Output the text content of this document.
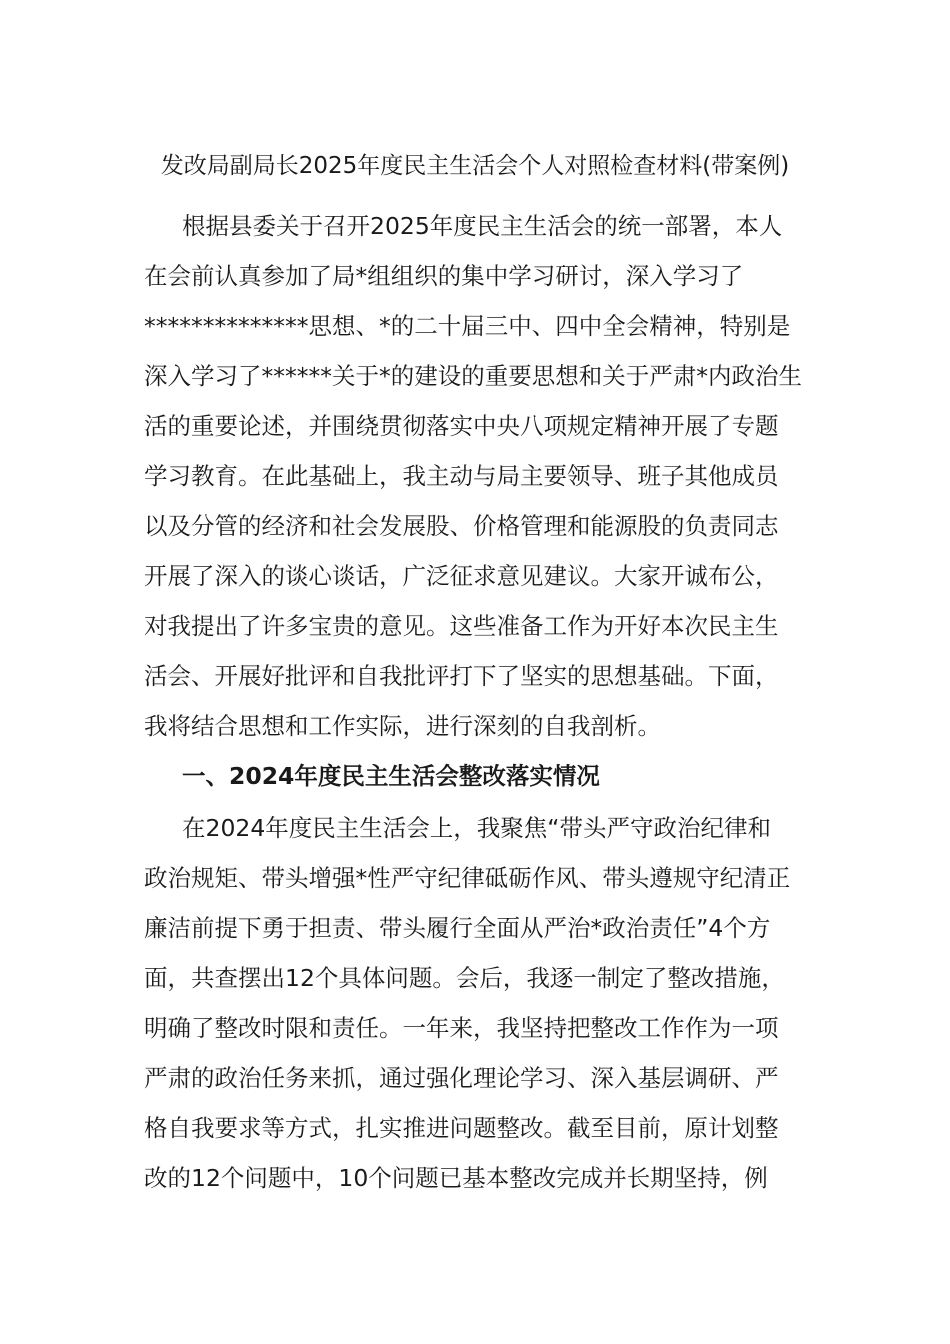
发改局副局长2025年度民主生活会个人对照检查材料(带案例)
根据县委关于召开2025年度民主生活会的统一部署，本人
在会前认真参加了局*组组织的集中学习研讨，深入学习了
**************思想、*的二十届三中、四中全会精神，特别是
深入学习了******关于*的建设的重要思想和关于严肃*内政治生
活的重要论述，并围绕贯彻落实中央八项规定精神开展了专题
学习教育。在此基础上，我主动与局主要领导、班子其他成员
以及分管的经济和社会发展股、价格管理和能源股的负责同志
开展了深入的谈心谈话，广泛征求意见建议。大家开诚布公，
对我提出了许多宝贵的意见。这些准备工作为开好本次民主生
活会、开展好批评和自我批评打下了坚实的思想基础。下面，
我将结合思想和工作实际，进行深刻的自我剖析。
一、2024年度民主生活会整改落实情况
在2024年度民主生活会上，我聚焦“带头严守政治纪律和
政治规矩、带头增强*性严守纪律砥砺作风、带头遵规守纪清正
廉洁前提下勇于担责、带头履行全面从严治*政治责任”4个方
面，共查摆出12个具体问题。会后，我逐一制定了整改措施，
明确了整改时限和责任。一年来，我坚持把整改工作作为一项
严肃的政治任务来抓，通过强化理论学习、深入基层调研、严
格自我要求等方式，扎实推进问题整改。截至目前，原计划整
改的12个问题中，10个问题已基本整改完成并长期坚持，例
